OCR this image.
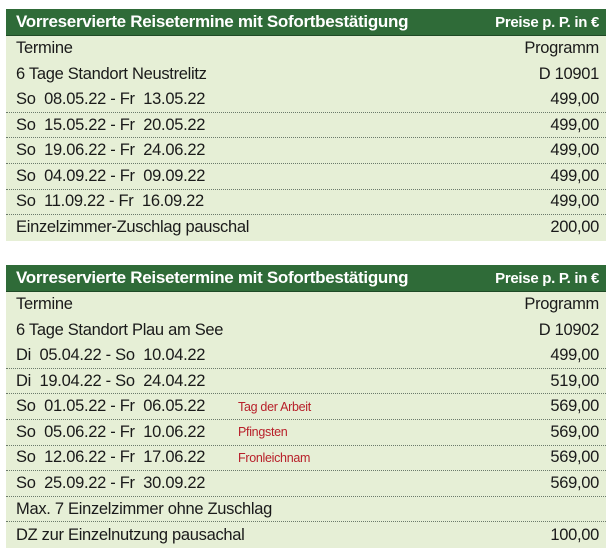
Vorreservierte Reisetermine mit Sofortbestätigung	Preise p. P. in €
Termine	Programm
6 Tage Standort Neustrelitz	D 10901
So  08.05.22 - Fr  13.05.22	499,00
So  15.05.22 - Fr  20.05.22	499,00
So  19.06.22 - Fr  24.06.22	499,00
So  04.09.22 - Fr  09.09.22	499,00
So  11.09.22 - Fr  16.09.22	499,00
Einzelzimmer-Zuschlag pauschal	200,00
Vorreservierte Reisetermine mit Sofortbestätigung	Preise p. P. in €
Termine	Programm
6 Tage Standort Plau am See	D 10902
Di  05.04.22 - So  10.04.22	499,00
Di  19.04.22 - So  24.04.22	519,00
So  01.05.22 - Fr  06.05.22	Tag der Arbeit	569,00
So  05.06.22 - Fr  10.06.22	Pfingsten	569,00
So  12.06.22 - Fr  17.06.22	Fronleichnam	569,00
So  25.09.22 - Fr  30.09.22	569,00
Max. 7 Einzelzimmer ohne Zuschlag
DZ zur Einzelnutzung pausachal	100,00
